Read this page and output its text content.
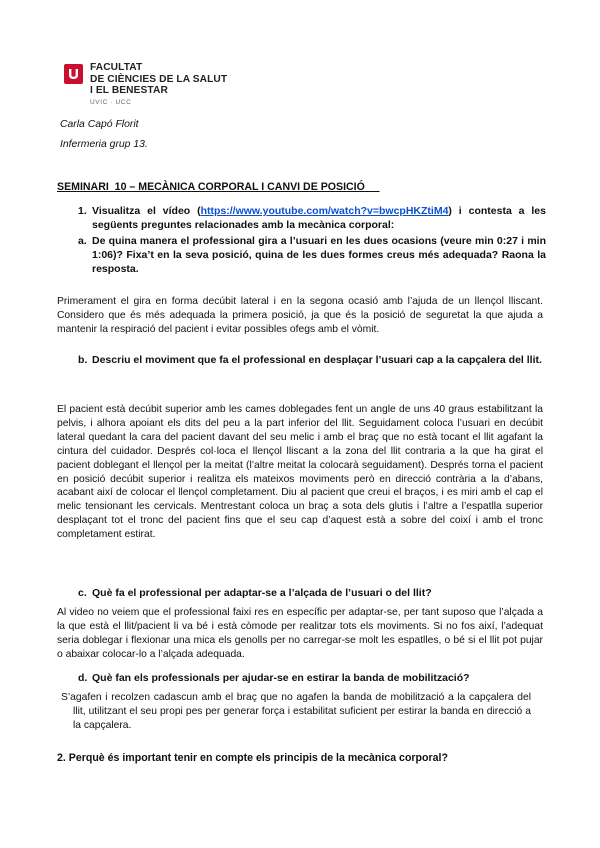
FACULTAT
DE CIÈNCIES DE LA SALUT
I EL BENESTAR
UVIC · UCC
Carla Capó Florit
Infermeria grup 13.
SEMINARI  10 – MECÀNICA CORPORAL I CANVI DE POSICIÓ
1. Visualitza el vídeo (https://www.youtube.com/watch?v=bwcpHKZtiM4) i contesta a les següents preguntes relacionades amb la mecànica corporal:
a. De quina manera el professional gira a l’usuari en les dues ocasions (veure min 0:27 i min 1:06)? Fixa’t en la seva posició, quina de les dues formes creus més adequada? Raona la resposta.
Primerament el gira en forma decúbit lateral i en la segona ocasió amb l’ajuda de un llençol lliscant. Considero que és més adequada la primera posició, ja que és la posició de seguretat la que ajuda a mantenir la respiració del pacient i evitar possibles ofegs amb el vòmit.
b. Descriu el moviment que fa el professional en desplaçar l’usuari cap a la capçalera del llit.
El pacient està decúbit superior amb les cames doblegades fent un angle de uns 40 graus estabilitzant la pelvis, i alhora apoiant els dits del peu a la part inferior del llit. Seguidament coloca l’usuari en decúbit lateral quedant la cara del pacient davant del seu melic i amb el braç que no està tocant el llit agafant la cintura del cuidador. Després col·loca el llençol lliscant a la zona del llit contraria a la que ha girat el pacient doblegant el llençol per la meitat (l’altre meitat la colocarà seguidament). Després torna el pacient en posició decúbit superior i realitza els mateixos moviments però en direcció contrària a la d’abans, acabant així de colocar el llençol completament. Diu al pacient que creui el braços, i es miri amb el cap el melic tensionant les cervicals. Mentrestant coloca un braç a sota dels glutis i l’altre a l’espatlla superior desplaçant tot el tronc del pacient fins que el seu cap d’aquest està a sobre del coixí i amb el tronc completament estirat.
c. Què fa el professional per adaptar-se a l’alçada de l’usuari o del llit?
Al video no veiem que el professional faixi res en específic per adaptar-se, per tant suposo que l’alçada a la que està el llit/pacient li va bé i està còmode per realitzar tots els moviments. Si no fos així, l’adequat seria doblegar i flexionar una mica els genolls per no carregar-se molt les espatlles, o bé si el llit pot pujar o abaixar colocar-lo a l’alçada adequada.
d. Què fan els professionals per ajudar-se en estirar la banda de mobilització?
S’agafen i recolzen cadascun amb el braç que no agafen la banda de mobilització a la capçalera del llit, utilitzant el seu propi pes per generar força i estabilitat suficient per estirar la banda en direcció a la capçalera.
2. Perquè és important tenir en compte els principis de la mecànica corporal?
